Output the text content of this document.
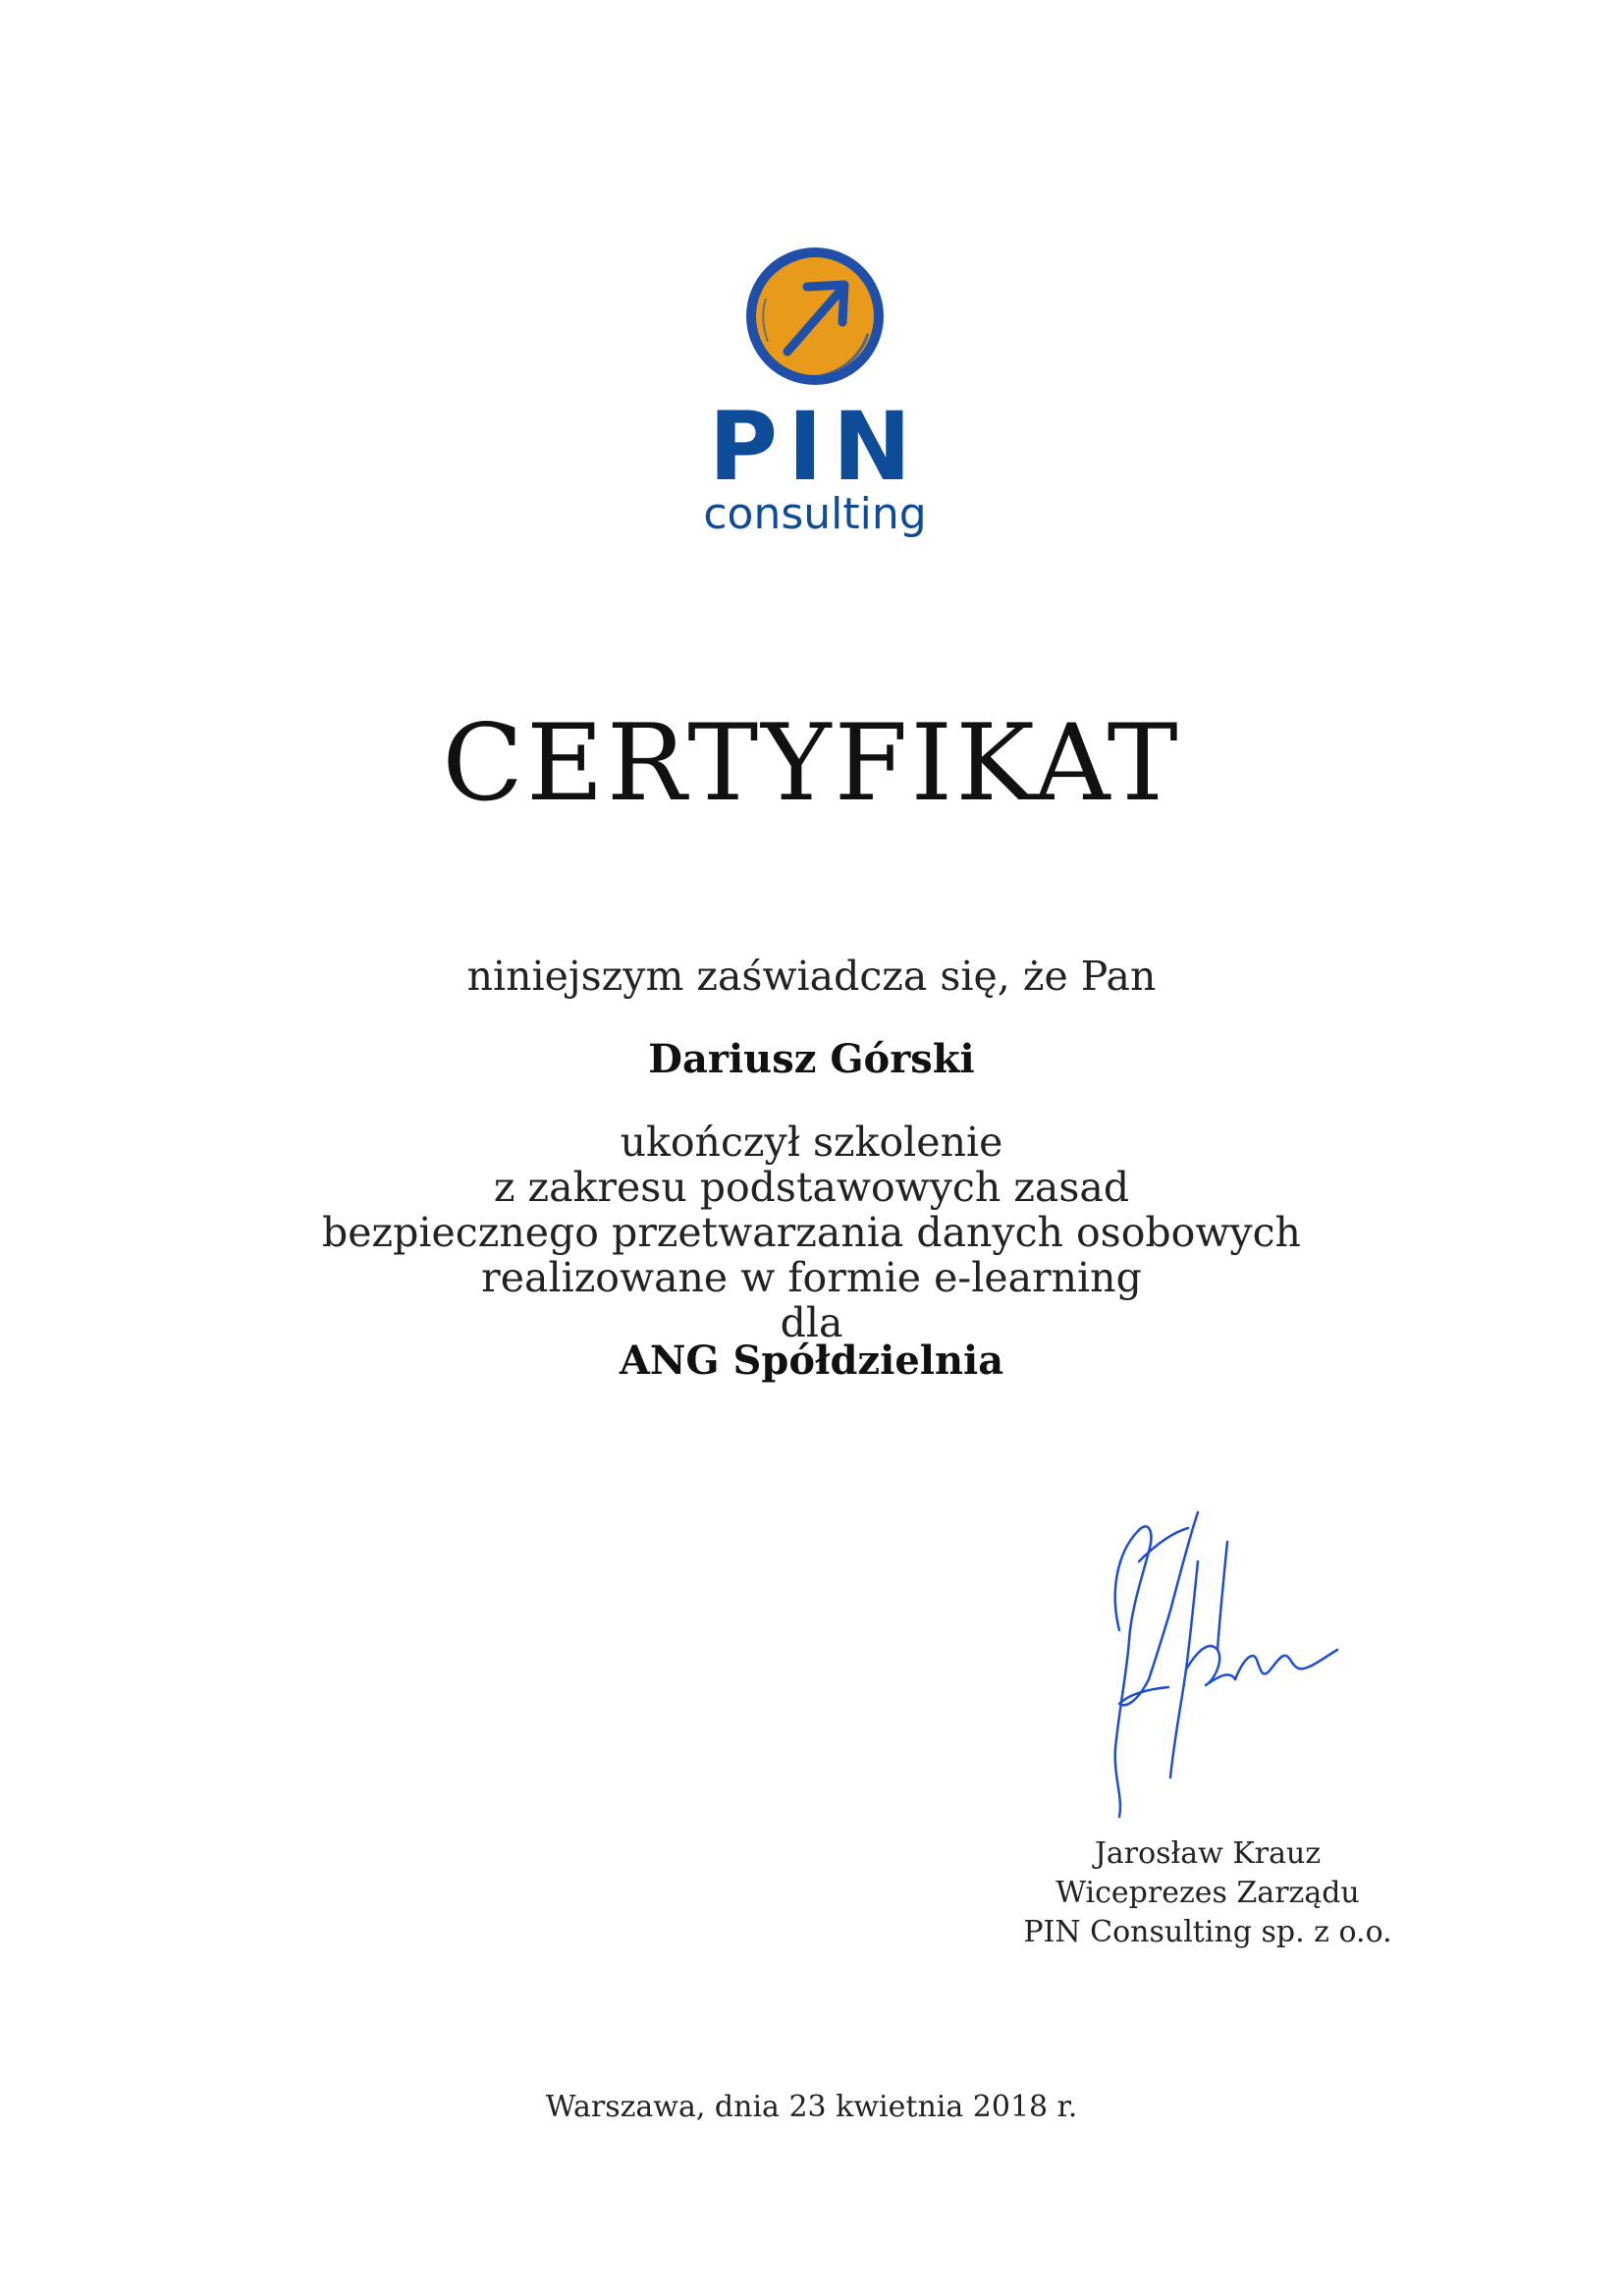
PIN
consulting
CERTYFIKAT
niniejszym zaświadcza się, że Pan
Dariusz Górski
ukończył szkolenie
z zakresu podstawowych zasad
bezpiecznego przetwarzania danych osobowych
realizowane w formie e-learning
dla
ANG Spółdzielnia
Jarosław Krauz
Wiceprezes Zarządu
PIN Consulting sp. z o.o.
Warszawa, dnia 23 kwietnia 2018 r.
